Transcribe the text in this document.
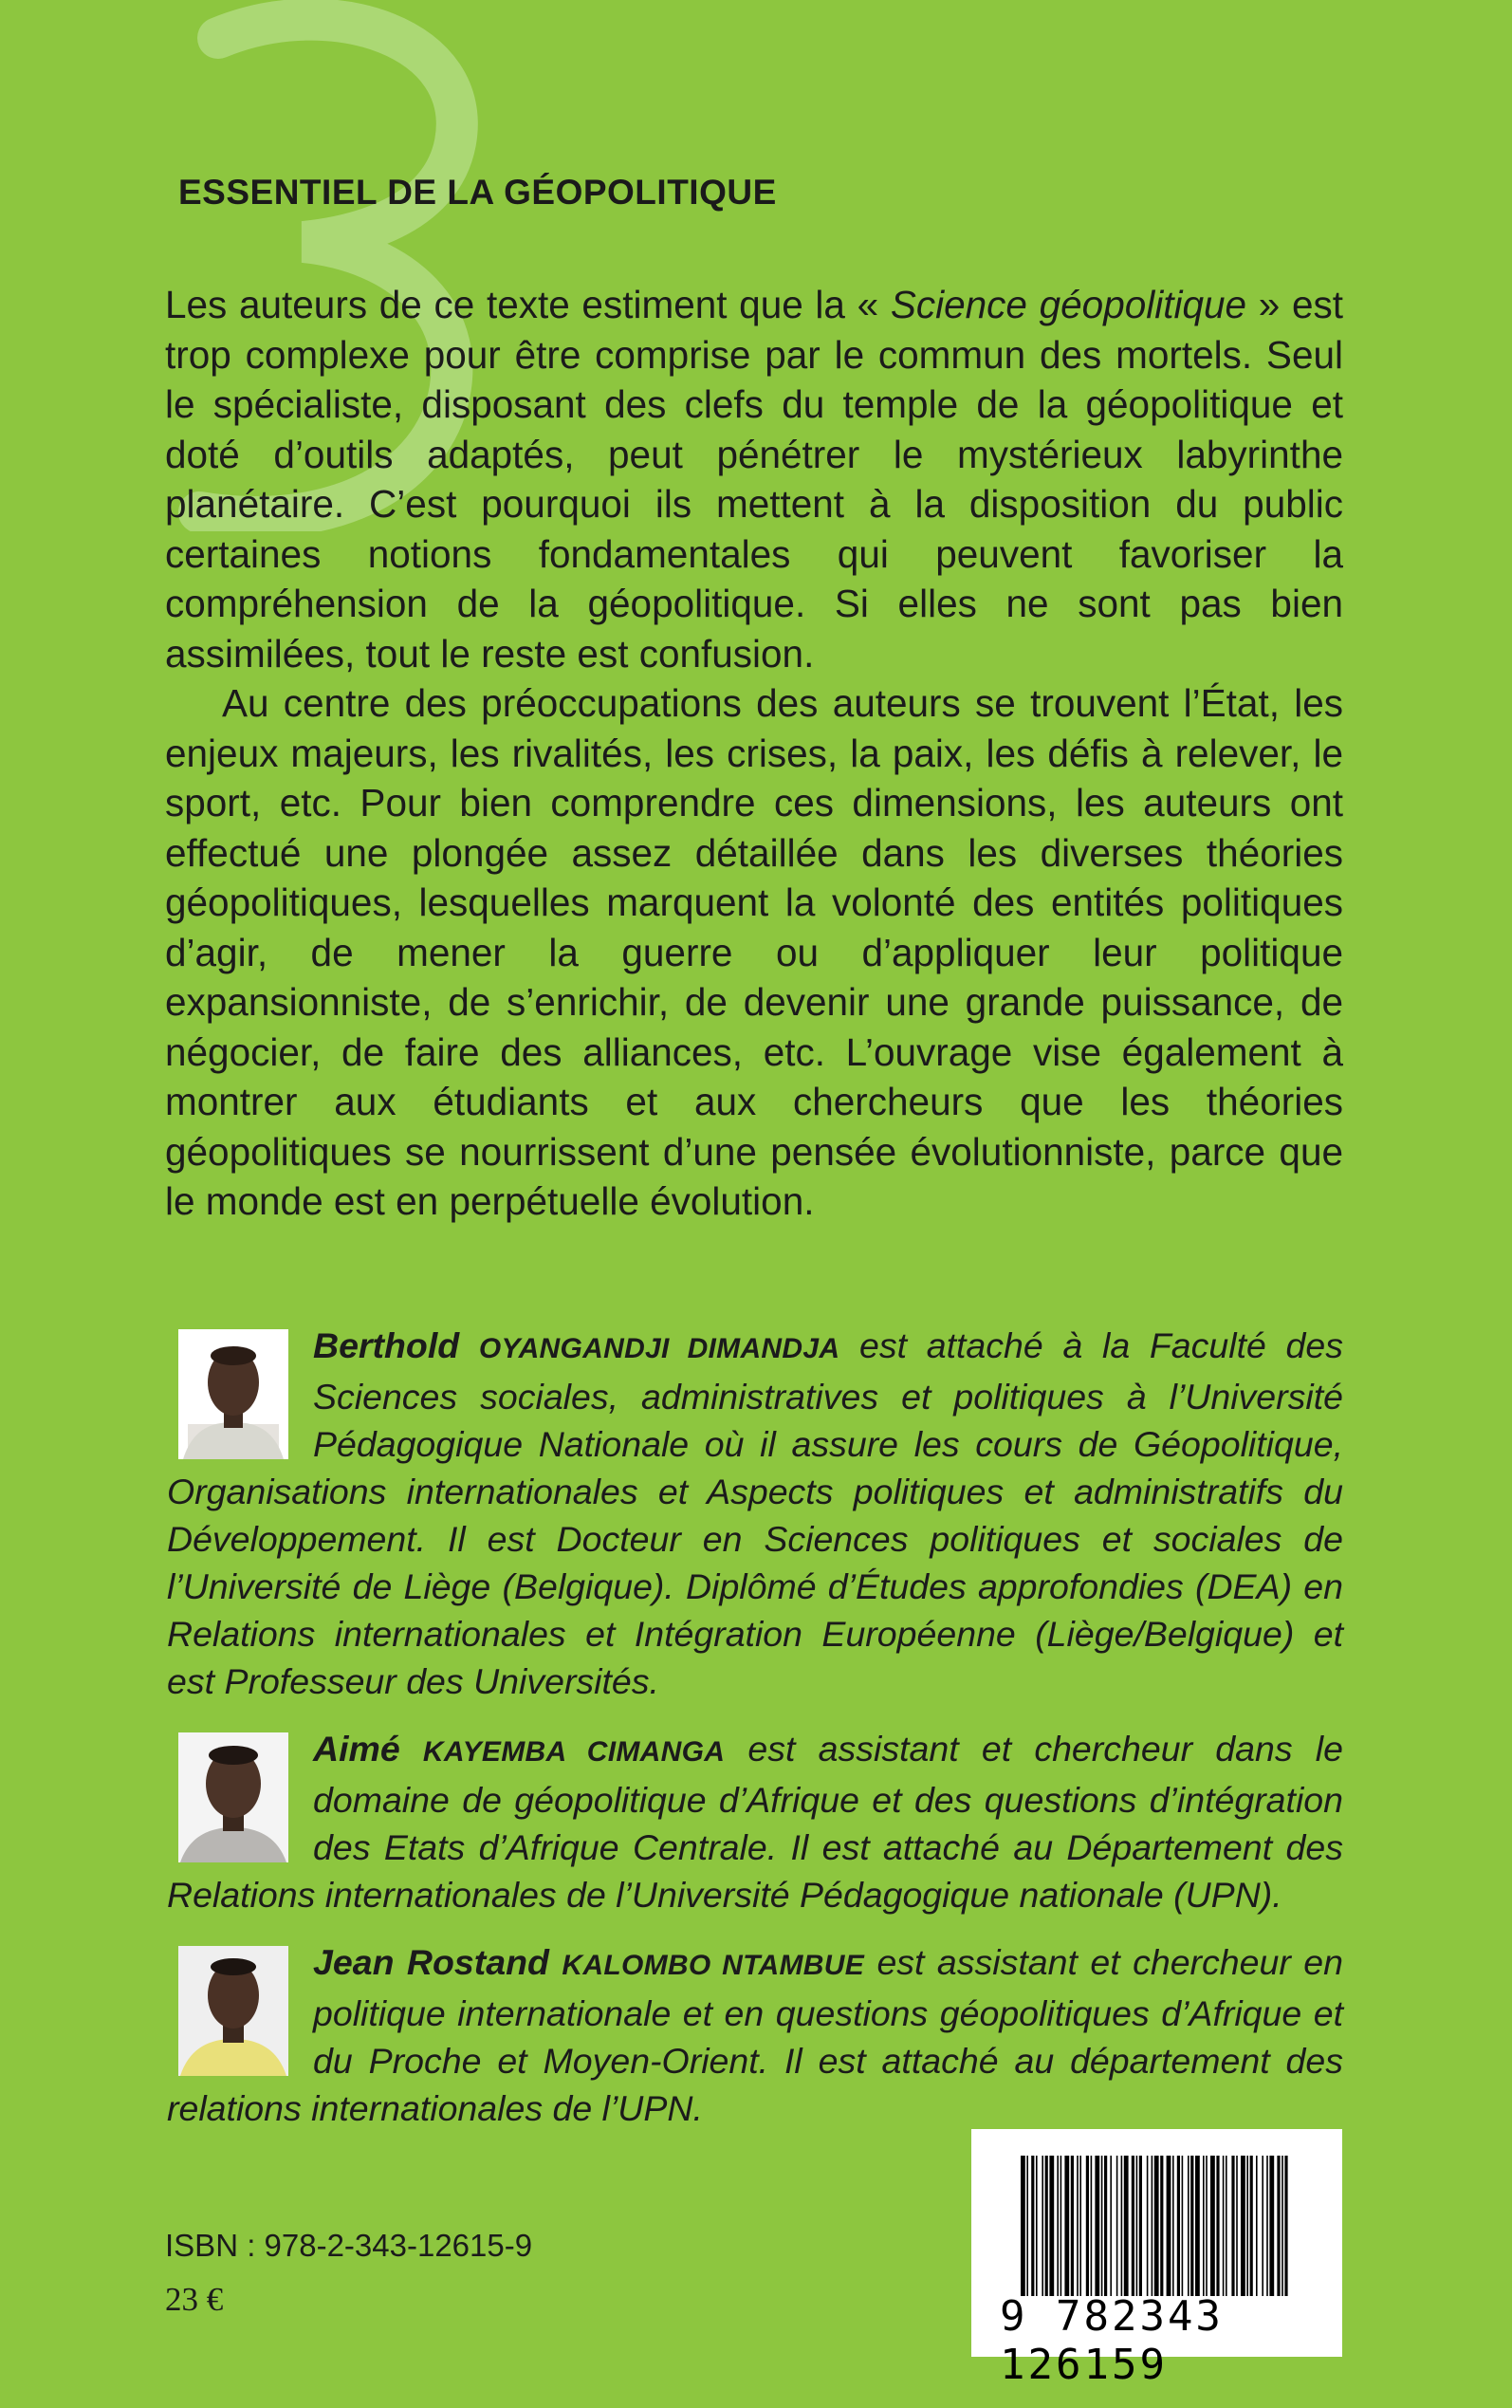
ESSENTIEL DE LA GÉOPOLITIQUE

Les auteurs de ce texte estiment que la « Science géopolitique » est trop complexe pour être comprise par le commun des mortels. Seul le spécialiste, disposant des clefs du temple de la géopolitique et doté d’outils adaptés, peut pénétrer le mystérieux labyrinthe planétaire. C’est pourquoi ils mettent à la disposition du public certaines notions fondamentales qui peuvent favoriser la compréhension de la géopolitique. Si elles ne sont pas bien assimilées, tout le reste est confusion.

Au centre des préoccupations des auteurs se trouvent l’État, les enjeux majeurs, les rivalités, les crises, la paix, les défis à relever, le sport, etc. Pour bien comprendre ces dimensions, les auteurs ont effectué une plongée assez détaillée dans les diverses théories géopolitiques, lesquelles marquent la volonté des entités politiques d’agir, de mener la guerre ou d’appliquer leur politique expansionniste, de s’enrichir, de devenir une grande puissance, de négocier, de faire des alliances, etc. L’ouvrage vise également à montrer aux étudiants et aux chercheurs que les théories géopolitiques se nourrissent d’une pensée évolutionniste, parce que le monde est en perpétuelle évolution.

Berthold OYANGANDJI DIMANDJA est attaché à la Faculté des Sciences sociales, administratives et politiques à l’Université Pédagogique Nationale où il assure les cours de Géopolitique, Organisations internationales et Aspects politiques et administratifs du Développement. Il est Docteur en Sciences politiques et sociales de l’Université de Liège (Belgique). Diplômé d’Études approfondies (DEA) en Relations internationales et Intégration Européenne (Liège/Belgique) et est Professeur des Universités.
Aimé KAYEMBA CIMANGA est assistant et chercheur dans le domaine de géopolitique d’Afrique et des questions d’intégration des Etats d’Afrique Centrale. Il est attaché au Département des Relations internationales de l’Université Pédagogique nationale (UPN).
Jean Rostand KALOMBO NTAMBUE est assistant et chercheur en politique internationale et en questions géopolitiques d’Afrique et du Proche et Moyen-Orient. Il est attaché au département des relations internationales de l’UPN.

ISBN : 978-2-343-12615-9

23 €	9 782343 126159
